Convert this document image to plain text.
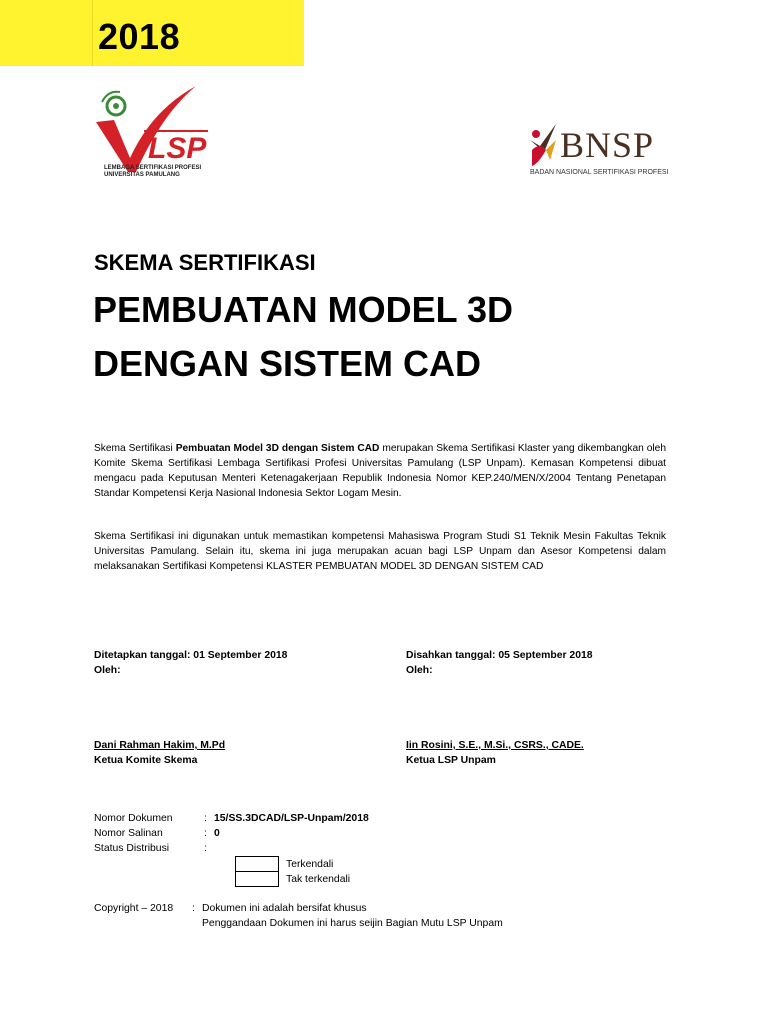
2018
LSP
LEMBAGA SERTIFIKASI PROFESI
UNIVERSITAS PAMULANG
BNSP
BADAN NASIONAL SERTIFIKASI PROFESI
SKEMA SERTIFIKASI
PEMBUATAN MODEL 3D
DENGAN SISTEM CAD
Skema Sertifikasi Pembuatan Model 3D dengan Sistem CAD merupakan Skema Sertifikasi Klaster yang dikembangkan oleh Komite Skema Sertifikasi Lembaga Sertifikasi Profesi Universitas Pamulang (LSP Unpam). Kemasan Kompetensi dibuat mengacu pada Keputusan Menteri Ketenagakerjaan Republik Indonesia Nomor KEP.240/MEN/X/2004 Tentang Penetapan Standar Kompetensi Kerja Nasional Indonesia Sektor Logam Mesin.
Skema Sertifikasi ini digunakan untuk memastikan kompetensi Mahasiswa Program Studi S1 Teknik Mesin Fakultas Teknik Universitas Pamulang. Selain itu, skema ini juga merupakan acuan bagi LSP Unpam dan Asesor Kompetensi dalam melaksanakan Sertifikasi Kompetensi KLASTER PEMBUATAN MODEL 3D DENGAN SISTEM CAD
Ditetapkan tanggal: 01 September 2018
Oleh:
Disahkan tanggal: 05 September 2018
Oleh:
Dani Rahman Hakim, M.Pd
Ketua Komite Skema
Iin Rosini, S.E., M.Si., CSRS., CADE.
Ketua LSP Unpam
Nomor Dokumen	: 15/SS.3DCAD/LSP-Unpam/2018
Nomor Salinan	: 0
Status Distribusi	:
Terkendali
Tak terkendali
Copyright – 2018 : Dokumen ini adalah bersifat khusus
Penggandaan Dokumen ini harus seijin Bagian Mutu LSP Unpam
